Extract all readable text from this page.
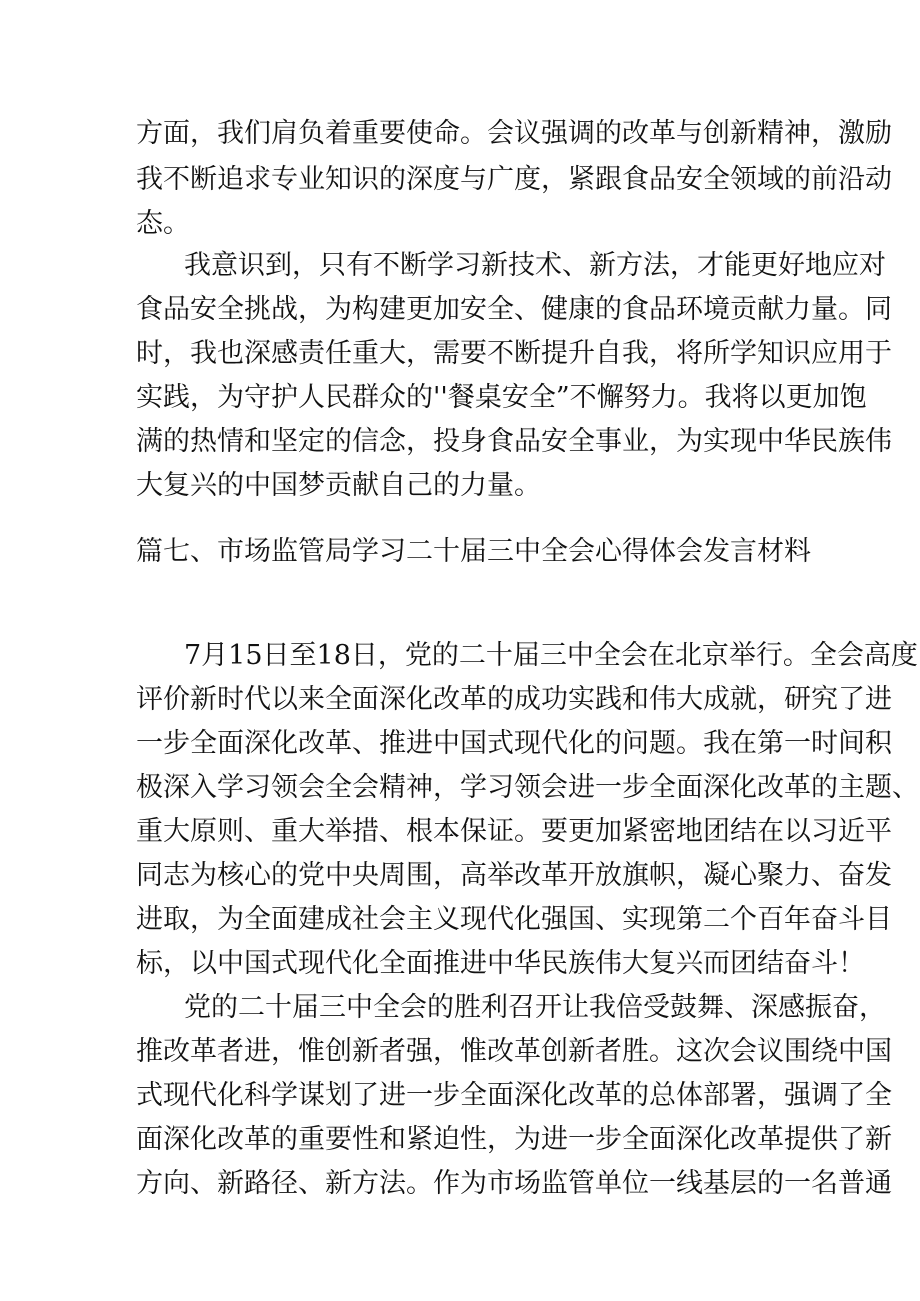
方面，我们肩负着重要使命。会议强调的改革与创新精神，激励
我不断追求专业知识的深度与广度，紧跟食品安全领域的前沿动
态。
我意识到，只有不断学习新技术、新方法，才能更好地应对
食品安全挑战，为构建更加安全、健康的食品环境贡献力量。同
时，我也深感责任重大，需要不断提升自我，将所学知识应用于
实践，为守护人民群众的''餐桌安全”不懈努力。我将以更加饱
满的热情和坚定的信念，投身食品安全事业，为实现中华民族伟
大复兴的中国梦贡献自己的力量。
篇七、市场监管局学习二十届三中全会心得体会发言材料
7月15日至18日，党的二十届三中全会在北京举行。全会高度
评价新时代以来全面深化改革的成功实践和伟大成就，研究了进
一步全面深化改革、推进中国式现代化的问题。我在第一时间积
极深入学习领会全会精神，学习领会进一步全面深化改革的主题、
重大原则、重大举措、根本保证。要更加紧密地团结在以习近平
同志为核心的党中央周围，高举改革开放旗帜，凝心聚力、奋发
进取，为全面建成社会主义现代化强国、实现第二个百年奋斗目
标，以中国式现代化全面推进中华民族伟大复兴而团结奋斗！
党的二十届三中全会的胜利召开让我倍受鼓舞、深感振奋，
推改革者进，惟创新者强，惟改革创新者胜。这次会议围绕中国
式现代化科学谋划了进一步全面深化改革的总体部署，强调了全
面深化改革的重要性和紧迫性，为进一步全面深化改革提供了新
方向、新路径、新方法。作为市场监管单位一线基层的一名普通
